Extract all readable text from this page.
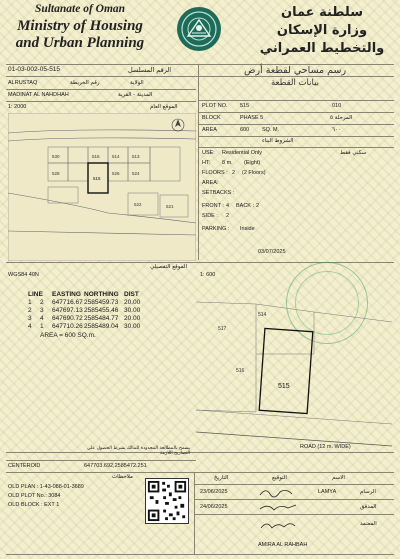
Sultanate of Oman
Ministry of Housing
and Urban Planning
سلطنة عمان
وزارة الإسكان
والتخطيط العمراني
01-03-002-05-515	الرقم المسلسل	رسم مساحي لقطعة أرض
بيانات القطعة
ALRUSTAQ	الولاية
رقم الخريطة
MADINAT AL NAHDHAH	المدينة - القرية
1: 2000	الموقع العام
530	516	514	513
528
515
526	524
522	521
PLOT NO. 515	010
BLOCK	PHASE 5	المرحلة ٥
AREA	600 SQ. M.	٦٠٠
الشروط البناء
USE: Residential Only	سكني فقط
HT: 8 m. (Eight)
FLOORS : 2 (2 Floors)
AREA:
SETBACKS :
FRONT : 4 BACK : 2
SIDE : 2
PARKING : Inside
03/07/2025
WGS84 40N	1: 600
الموقع التفصيلي
LINE EASTING NORTHING DIST
1	2	647716.67 2585459.73 20.00
2	3	647697.13 2585455.46 30.00
3	4	647690.72 2585484.77 20.00
4	1	647710.26 2585489.04 30.00
AREA = 600 SQ.m.
515
516
517
514
ROAD (12 m. WIDE)
يسمح بالمطالعة المحدودة للمالك بشرط الحصول على التصاريح اللازمة
CENTEROID	647703.692,2585472.251
ملاحظات
OLD PLAN : 1-43-088-01-3689
OLD PLOT No.: 3084
OLD BLOCK : EXT 1
التاريخ	التوقيع	الاسم
23/06/2025	LAMYA	الرسام
24/06/2025	المدقق
المعتمد
AMIRA AL RAHBAH
